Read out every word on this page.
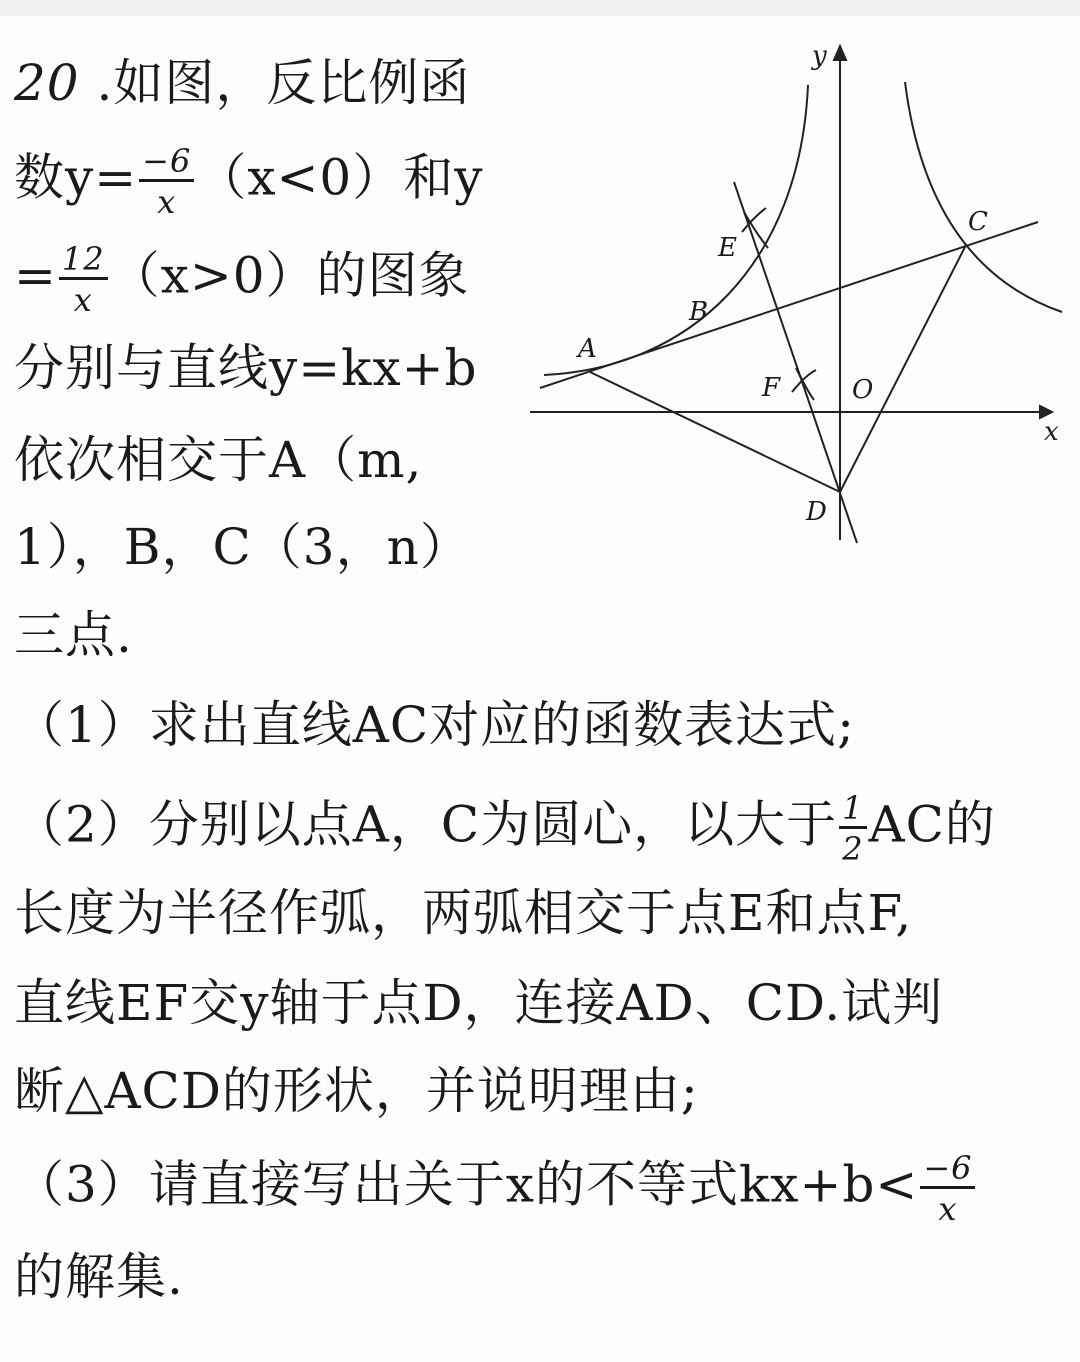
20 .如图，反比例函
数$y= \frac{-6}{x} (x<0)$和y
= $\frac{12}{x} (x>0)$的图象
分别与直线y=kx+b
依次相交于A（m,
1），B，C（3，n）
三点.
（1）求出直线AC对应的函数表达式;
（2）分别以点A，C为圆心，以大于 $\frac{1}{2}$ AC的
长度为半径作弧，两弧相交于点E和点F,
直线EF交y轴于点D，连接AD、CD.试判
断△ACD的形状，并说明理由;
（3）请直接写出关于x的不等式$kx+b< \frac{-6}{x}$
的解集.
y
x
A
B
C
D
E
F	O
